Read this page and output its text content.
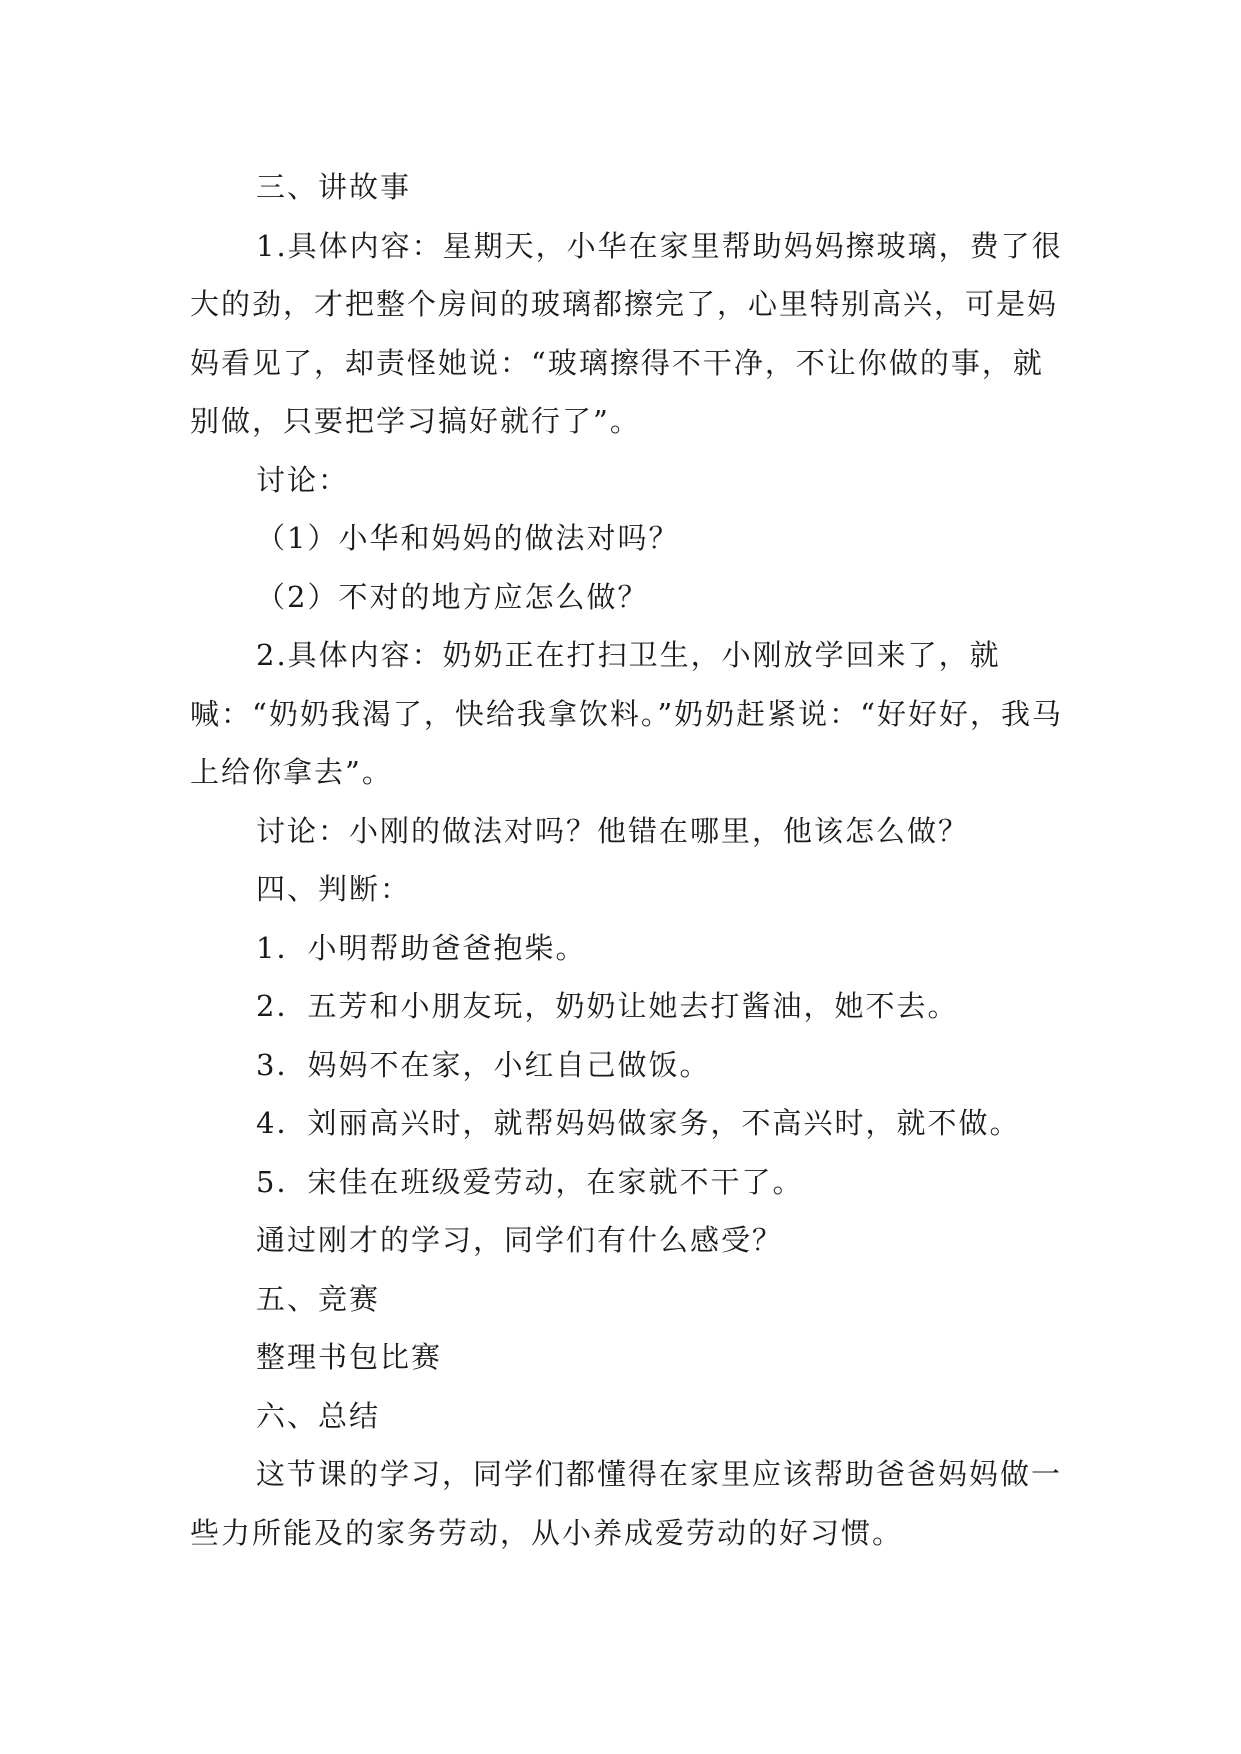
三、讲故事

1.具体内容：星期天，小华在家里帮助妈妈擦玻璃，费了很大的劲，才把整个房间的玻璃都擦完了，心里特别高兴，可是妈妈看见了，却责怪她说：“玻璃擦得不干净，不让你做的事，就别做，只要把学习搞好就行了”。

讨论：

（1）小华和妈妈的做法对吗？

（2）不对的地方应怎么做？

2.具体内容：奶奶正在打扫卫生，小刚放学回来了，就喊：“奶奶我渴了，快给我拿饮料。”奶奶赶紧说：“好好好，我马上给你拿去”。

讨论：小刚的做法对吗？他错在哪里，他该怎么做？

四、判断：

1．小明帮助爸爸抱柴。

2．五芳和小朋友玩，奶奶让她去打酱油，她不去。

3．妈妈不在家，小红自己做饭。

4．刘丽高兴时，就帮妈妈做家务，不高兴时，就不做。

5．宋佳在班级爱劳动，在家就不干了。

通过刚才的学习，同学们有什么感受？

五、竞赛

整理书包比赛

六、总结

这节课的学习，同学们都懂得在家里应该帮助爸爸妈妈做一些力所能及的家务劳动，从小养成爱劳动的好习惯。
